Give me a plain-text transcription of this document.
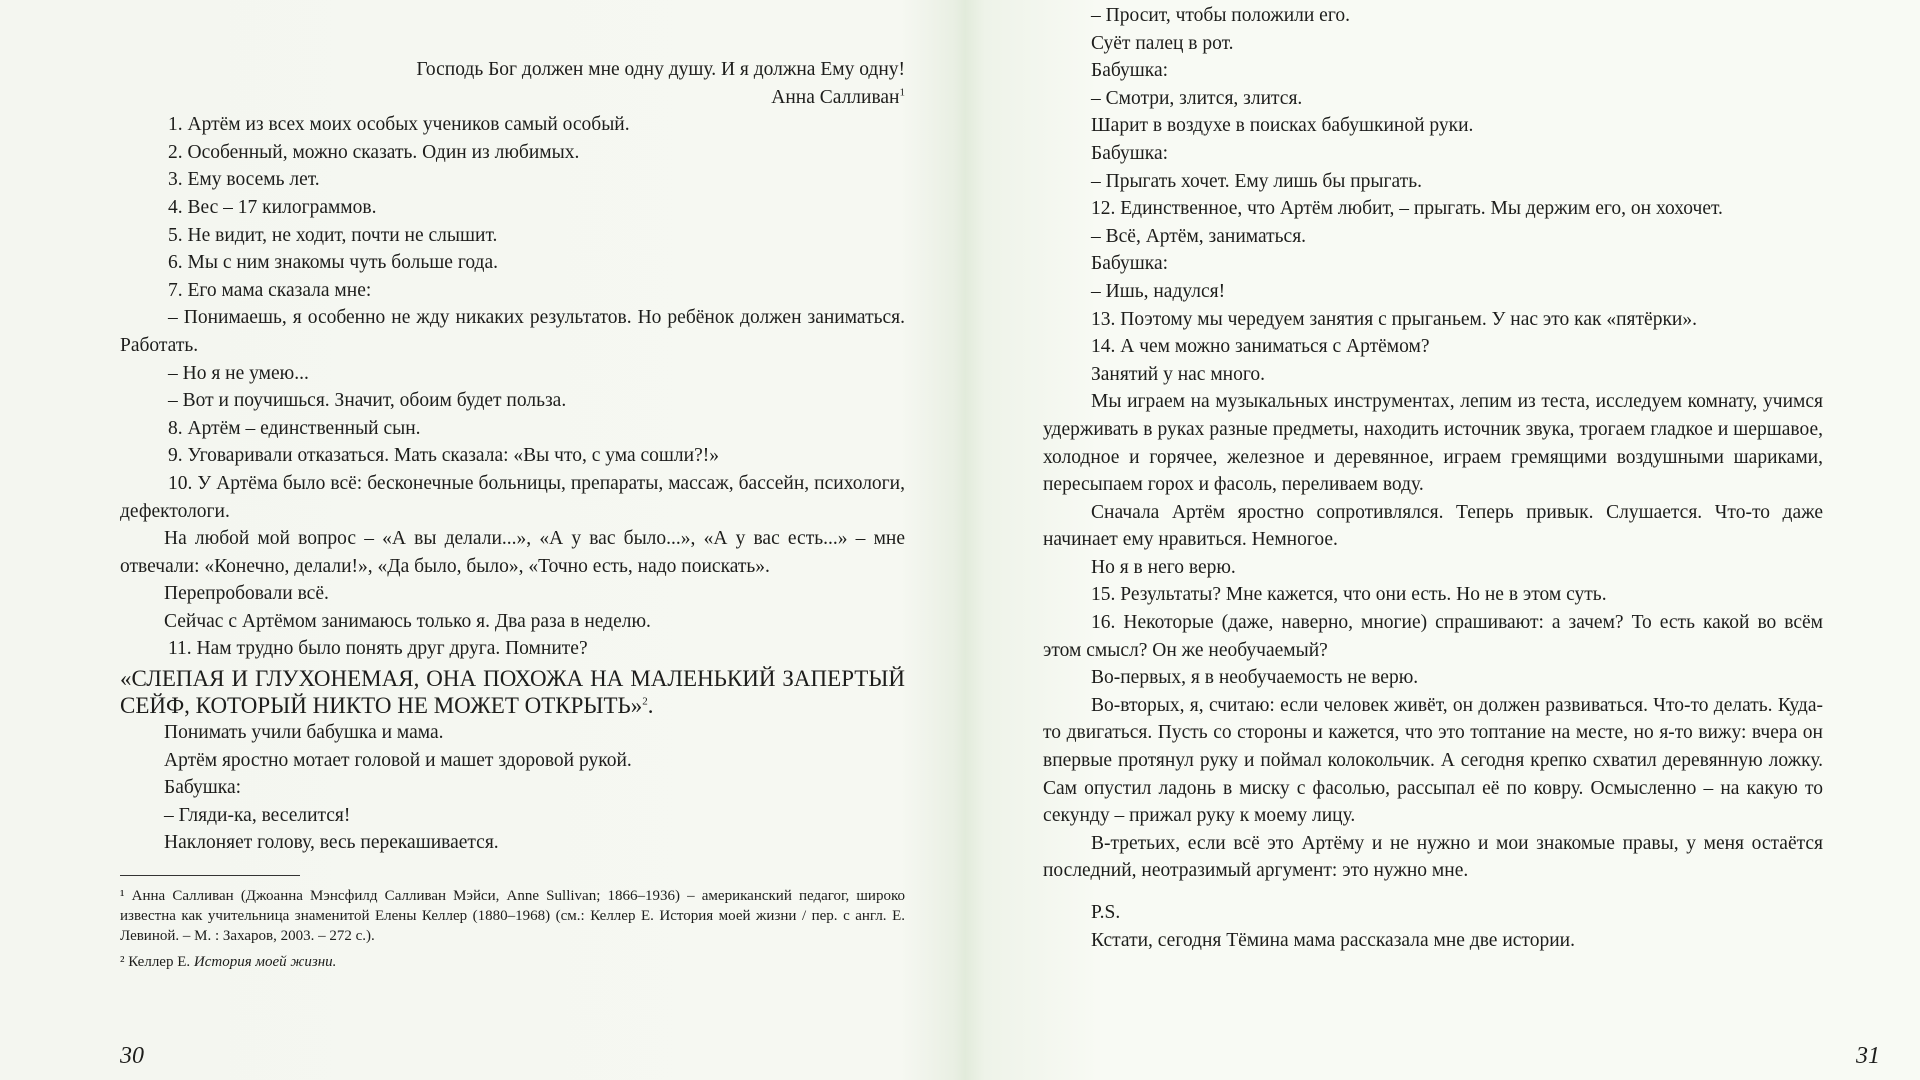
Господь Бог должен мне одну душу. И я должна Ему одну!

Анна Салливан$^1$

1. Артём из всех моих особых учеников самый особый.

2. Особенный, можно сказать. Один из любимых.

3. Ему восемь лет.

4. Вес – 17 килограммов.

5. Не видит, не ходит, почти не слышит.

6. Мы с ним знакомы чуть больше года.

7. Его мама сказала мне:

– Понимаешь, я особенно не жду никаких результатов. Но ребёнок должен заниматься. Работать.

– Но я не умею...

– Вот и поучишься. Значит, обоим будет польза.

8. Артём – единственный сын.

9. Уговаривали отказаться. Мать сказала: «Вы что, с ума сошли?!»

10. У Артёма было всё: бесконечные больницы, препараты, массаж, бассейн, психологи, дефектологи.

На любой мой вопрос – «А вы делали...», «А у вас было...», «А у вас есть...» – мне отвечали: «Конечно, делали!», «Да было, было», «Точно есть, надо поискать».

Перепробовали всё.

Сейчас с Артёмом занимаюсь только я. Два раза в неделю.

11. Нам трудно было понять друг друга. Помните?

«СЛЕПАЯ И ГЛУХОНЕМАЯ, ОНА ПОХОЖА НА МАЛЕНЬКИЙ ЗАПЕРТЫЙ СЕЙФ, КОТОРЫЙ НИКТО НЕ МОЖЕТ ОТКРЫТЬ»$^2$.

Понимать учили бабушка и мама.

Артём яростно мотает головой и машет здоровой рукой.

Бабушка:

– Гляди-ка, веселится!

Наклоняет голову, весь перекашивается.

¹ Анна Салливан (Джоанна Мэнсфилд Салливан Мэйси, Anne Sullivan; 1866–1936) – американский педагог, широко известна как учительница знаменитой Елены Келлер (1880–1968) (см.: Келлер Е. История моей жизни / пер. с англ. Е. Левиной. – М. : Захаров, 2003. – 272 с.).

² Келлер Е. История моей жизни.

30

– Просит, чтобы положили его.

Суёт палец в рот.

Бабушка:

– Смотри, злится, злится.

Шарит в воздухе в поисках бабушкиной руки.

Бабушка:

– Прыгать хочет. Ему лишь бы прыгать.

12. Единственное, что Артём любит, – прыгать. Мы держим его, он хохочет.

– Всё, Артём, заниматься.

Бабушка:

– Ишь, надулся!

13. Поэтому мы чередуем занятия с прыганьем. У нас это как «пятёрки».

14. А чем можно заниматься с Артёмом?

Занятий у нас много.

Мы играем на музыкальных инструментах, лепим из теста, исследуем комнату, учимся удерживать в руках разные предметы, находить источник звука, трогаем гладкое и шершавое, холодное и горячее, железное и деревянное, играем гремящими воздушными шариками, пересыпаем горох и фасоль, переливаем воду.

Сначала Артём яростно сопротивлялся. Теперь привык. Слушается. Что-то даже начинает ему нравиться. Немногое.

Но я в него верю.

15. Результаты? Мне кажется, что они есть. Но не в этом суть.

16. Некоторые (даже, наверно, многие) спрашивают: а зачем? То есть какой во всём этом смысл? Он же необучаемый?

Во-первых, я в необучаемость не верю.

Во-вторых, я, считаю: если человек живёт, он должен развиваться. Что-то делать. Куда-то двигаться. Пусть со стороны и кажется, что это топтание на месте, но я-то вижу: вчера он впервые протянул руку и поймал колокольчик. А сегодня крепко схватил деревянную ложку. Сам опустил ладонь в миску с фасолью, рассыпал её по ковру. Осмысленно – на какую то секунду – прижал руку к моему лицу.

В-третьих, если всё это Артёму и не нужно и мои знакомые правы, у меня остаётся последний, неотразимый аргумент: это нужно мне.

P.S.

Кстати, сегодня Тёмина мама рассказала мне две истории.

31
